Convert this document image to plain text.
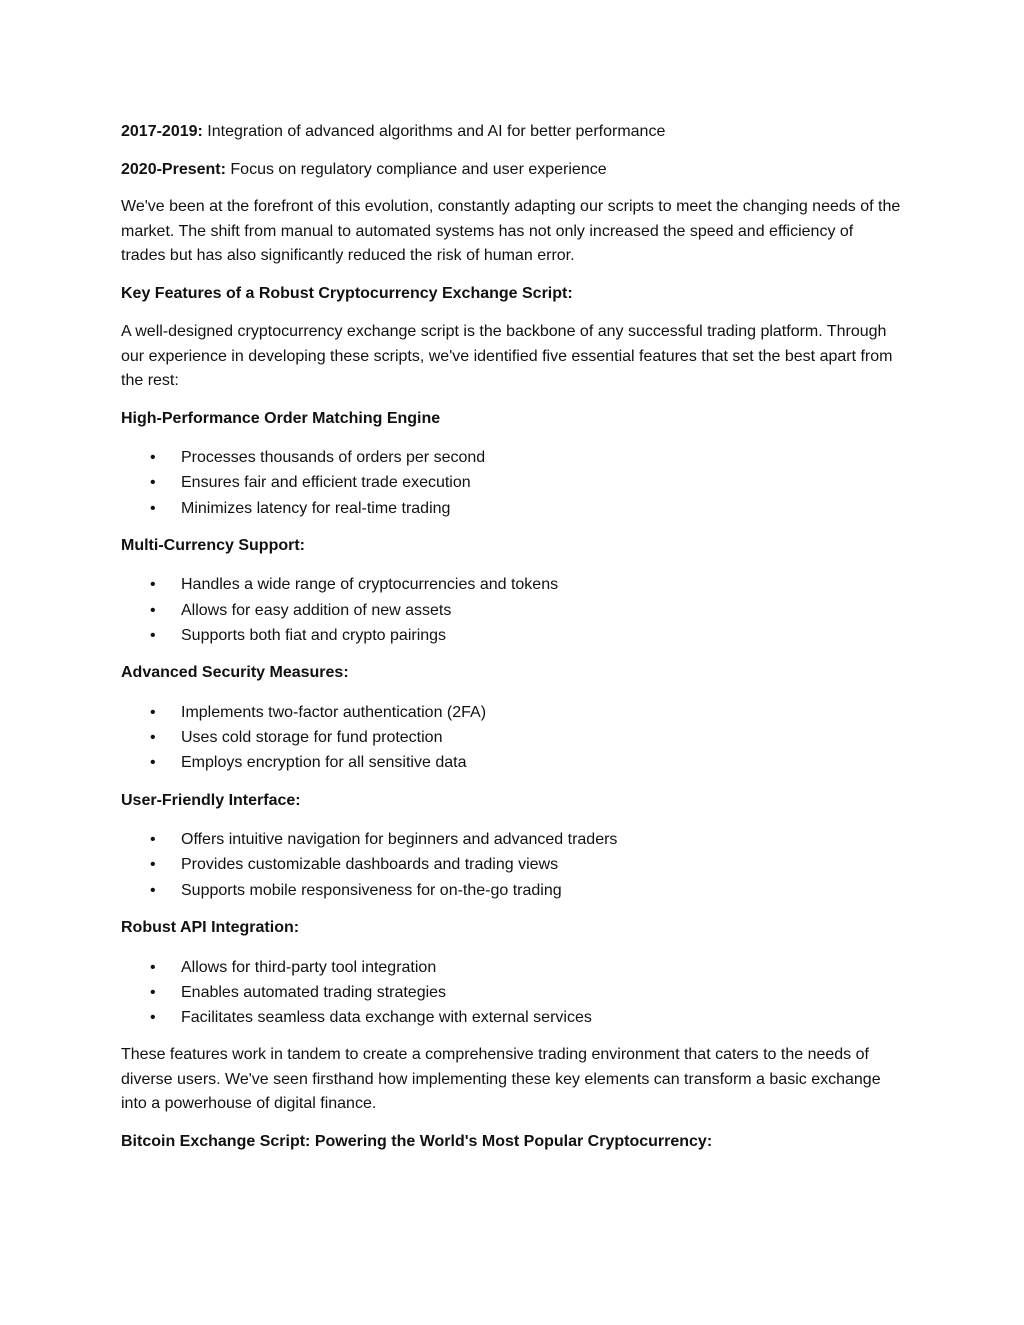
2017-2019: Integration of advanced algorithms and AI for better performance

2020-Present: Focus on regulatory compliance and user experience

We've been at the forefront of this evolution, constantly adapting our scripts to meet the changing needs of the market. The shift from manual to automated systems has not only increased the speed and efficiency of trades but has also significantly reduced the risk of human error.

Key Features of a Robust Cryptocurrency Exchange Script:

A well-designed cryptocurrency exchange script is the backbone of any successful trading platform. Through our experience in developing these scripts, we've identified five essential features that set the best apart from the rest:

High-Performance Order Matching Engine

• Processes thousands of orders per second
• Ensures fair and efficient trade execution
• Minimizes latency for real-time trading

Multi-Currency Support:

• Handles a wide range of cryptocurrencies and tokens
• Allows for easy addition of new assets
• Supports both fiat and crypto pairings

Advanced Security Measures:

• Implements two-factor authentication (2FA)
• Uses cold storage for fund protection
• Employs encryption for all sensitive data

User-Friendly Interface:

• Offers intuitive navigation for beginners and advanced traders
• Provides customizable dashboards and trading views
• Supports mobile responsiveness for on-the-go trading

Robust API Integration:

• Allows for third-party tool integration
• Enables automated trading strategies
• Facilitates seamless data exchange with external services

These features work in tandem to create a comprehensive trading environment that caters to the needs of diverse users. We've seen firsthand how implementing these key elements can transform a basic exchange into a powerhouse of digital finance.

Bitcoin Exchange Script: Powering the World's Most Popular Cryptocurrency:
